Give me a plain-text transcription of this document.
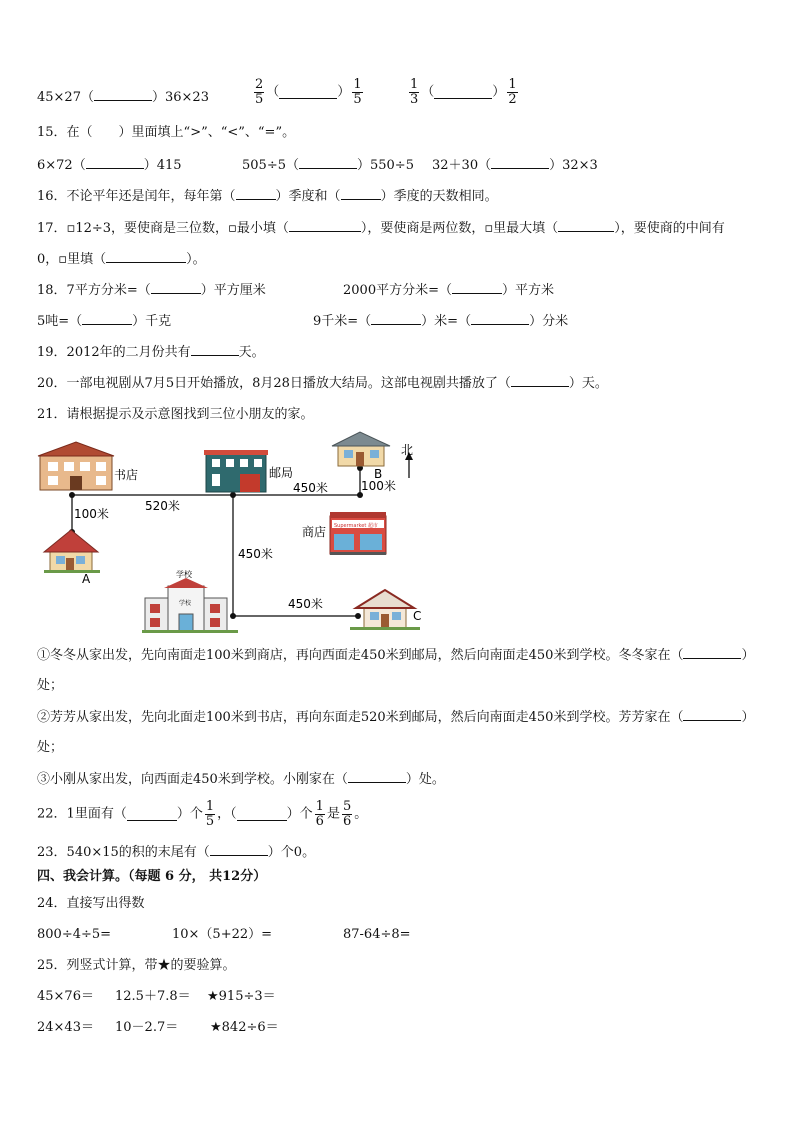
45×27（	）36×23	$\frac{2}{5}$ （	） $\frac{1}{5}$	$\frac{1}{3}$ （	） $\frac{1}{2}$
15．在（　　）里面填上“>”、“<”、“=”。
6×72（	）415	505÷5（	）550÷5 32＋30（	）32×3
16．不论平年还是闰年，每年第（	）季度和（	）季度的天数相同。
17．▫12÷3，要使商是三位数，▫最小填（	），要使商是两位数，▫里最大填（	），要使商的中间有
0，▫里填（	）。
18．7平方分米=（	）平方厘米	2000平方分米=（	）平方米
5吨=（	）千克	9千米=（	）米=（	）分米
19．2012年的二月份共有	天。
20．一部电视剧从7月5日开始播放，8月28日播放大结局。这部电视剧共播放了（	）天。
21．请根据提示及示意图找到三位小朋友的家。
书店	邮局	B
北
450米	100米
520米
100米
450米
450米
商店 Supermarket 超市
A	学校
学校
C
①冬冬从家出发，先向南面走100米到商店，再向西面走450米到邮局，然后向南面走450米到学校。冬冬家在（	）
处；
②芳芳从家出发，先向北面走100米到书店，再向东面走520米到邮局，然后向南面走450米到学校。芳芳家在（	）
处；
③小刚从家出发，向西面走450米到学校。小刚家在（	）处。
22．1里面有（	）个 $\frac{1}{5}$ ，（	）个 $\frac{1}{6}$ 是 $\frac{5}{6}$ 。
23．540×15的积的末尾有（	）个0。
四、我会计算。（每题 6 分， 共12分）
24．直接写出得数
800÷4÷5=	10×（5+22）=	87-64÷8=
25．列竖式计算，带★的要验算。
45×76＝ 12.5＋7.8＝ ★915÷3＝
24×43＝ 10－2.7＝ ★842÷6＝
